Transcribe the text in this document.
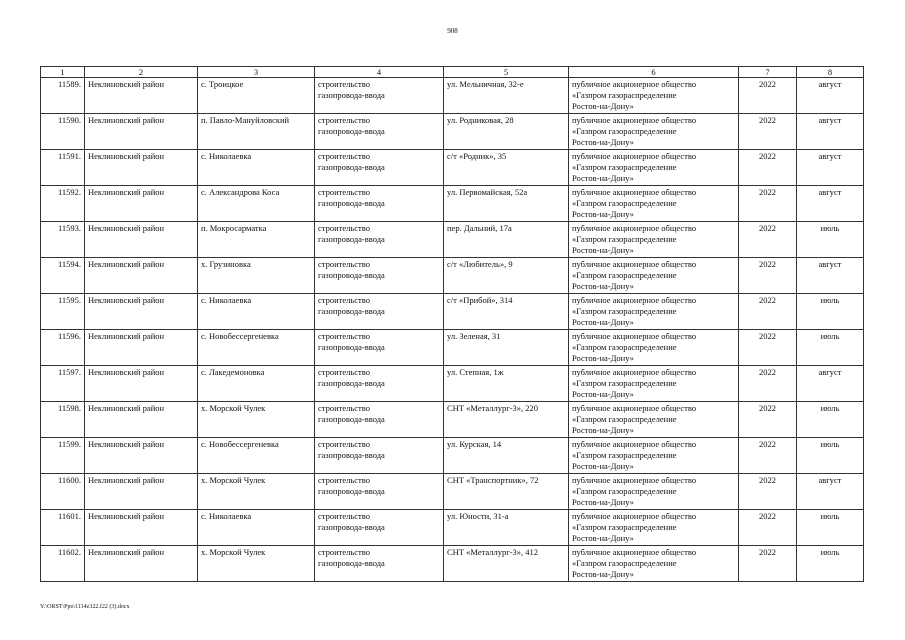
908
1	2	3	4	5	6	7	8
11589.	Неклиновский район	с. Троицкое	строительство
газопровода-ввода	ул. Мельничная, 32-е	публичное акционерное общество
«Газпром газораспределение
Ростов-на-Дону»	2022	август
11590.	Неклиновский район	п. Павло-Мануйловский	строительство
газопровода-ввода	ул. Родниковая, 28	публичное акционерное общество
«Газпром газораспределение
Ростов-на-Дону»	2022	август
11591.	Неклиновский район	с. Николаевка	строительство
газопровода-ввода	с/т «Родник», 35	публичное акционерное общество
«Газпром газораспределение
Ростов-на-Дону»	2022	август
11592.	Неклиновский район	с. Александрова Коса	строительство
газопровода-ввода	ул. Первомайская, 52а	публичное акционерное общество
«Газпром газораспределение
Ростов-на-Дону»	2022	август
11593.	Неклиновский район	п. Мокросарматка	строительство
газопровода-ввода	пер. Дальний, 17а	публичное акционерное общество
«Газпром газораспределение
Ростов-на-Дону»	2022	июль
11594.	Неклиновский район	х. Грузиновка	строительство
газопровода-ввода	с/т «Любитель», 9	публичное акционерное общество
«Газпром газораспределение
Ростов-на-Дону»	2022	август
11595.	Неклиновский район	с. Николаевка	строительство
газопровода-ввода	с/т «Прибой», 314	публичное акционерное общество
«Газпром газораспределение
Ростов-на-Дону»	2022	июль
11596.	Неклиновский район	с. Новобессергеневка	строительство
газопровода-ввода	ул. Зеленая, 31	публичное акционерное общество
«Газпром газораспределение
Ростов-на-Дону»	2022	июль
11597.	Неклиновский район	с. Лакедемоновка	строительство
газопровода-ввода	ул. Степная, 1ж	публичное акционерное общество
«Газпром газораспределение
Ростов-на-Дону»	2022	август
11598.	Неклиновский район	х. Морской Чулек	строительство
газопровода-ввода	СНТ «Металлург-3», 220	публичное акционерное общество
«Газпром газораспределение
Ростов-на-Дону»	2022	июль
11599.	Неклиновский район	с. Новобессергеневка	строительство
газопровода-ввода	ул. Курская, 14	публичное акционерное общество
«Газпром газораспределение
Ростов-на-Дону»	2022	июль
11600.	Неклиновский район	х. Морской Чулек	строительство
газопровода-ввода	СНТ «Транспортник», 72	публичное акционерное общество
«Газпром газораспределение
Ростов-на-Дону»	2022	август
11601.	Неклиновский район	с. Николаевка	строительство
газопровода-ввода	ул. Юности, 31-а	публичное акционерное общество
«Газпром газораспределение
Ростов-на-Дону»	2022	июль
11602.	Неклиновский район	х. Морской Чулек	строительство
газопровода-ввода	СНТ «Металлург-3», 412	публичное акционерное общество
«Газпром газораспределение
Ростов-на-Дону»	2022	июль
Y:\ORST\Ppo\1114z322.f22 (3).docx
